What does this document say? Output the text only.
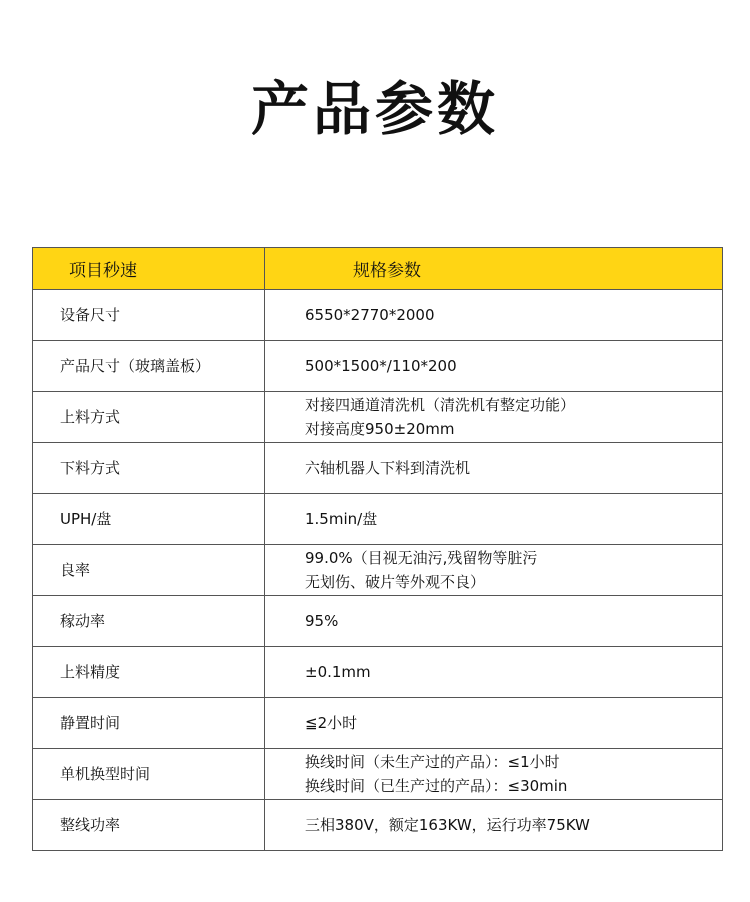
产品参数
项目秒速	规格参数
设备尺寸	6550*2770*2000

产品尺寸（玻璃盖板）	500*1500*/110*200

上料方式	对接四通道清洗机（清洗机有整定功能）
对接高度950±20mm

下料方式	六轴机器人下料到清洗机

UPH/盘	1.5min/盘

良率	99.0%（目视无油污,残留物等脏污
无划伤、破片等外观不良）

稼动率	95%

上料精度	±0.1mm

静置时间	≦2小时

单机换型时间	换线时间（未生产过的产品）：≤1小时
换线时间（已生产过的产品）：≤30min

整线功率	三相380V，额定163KW，运行功率75KW
